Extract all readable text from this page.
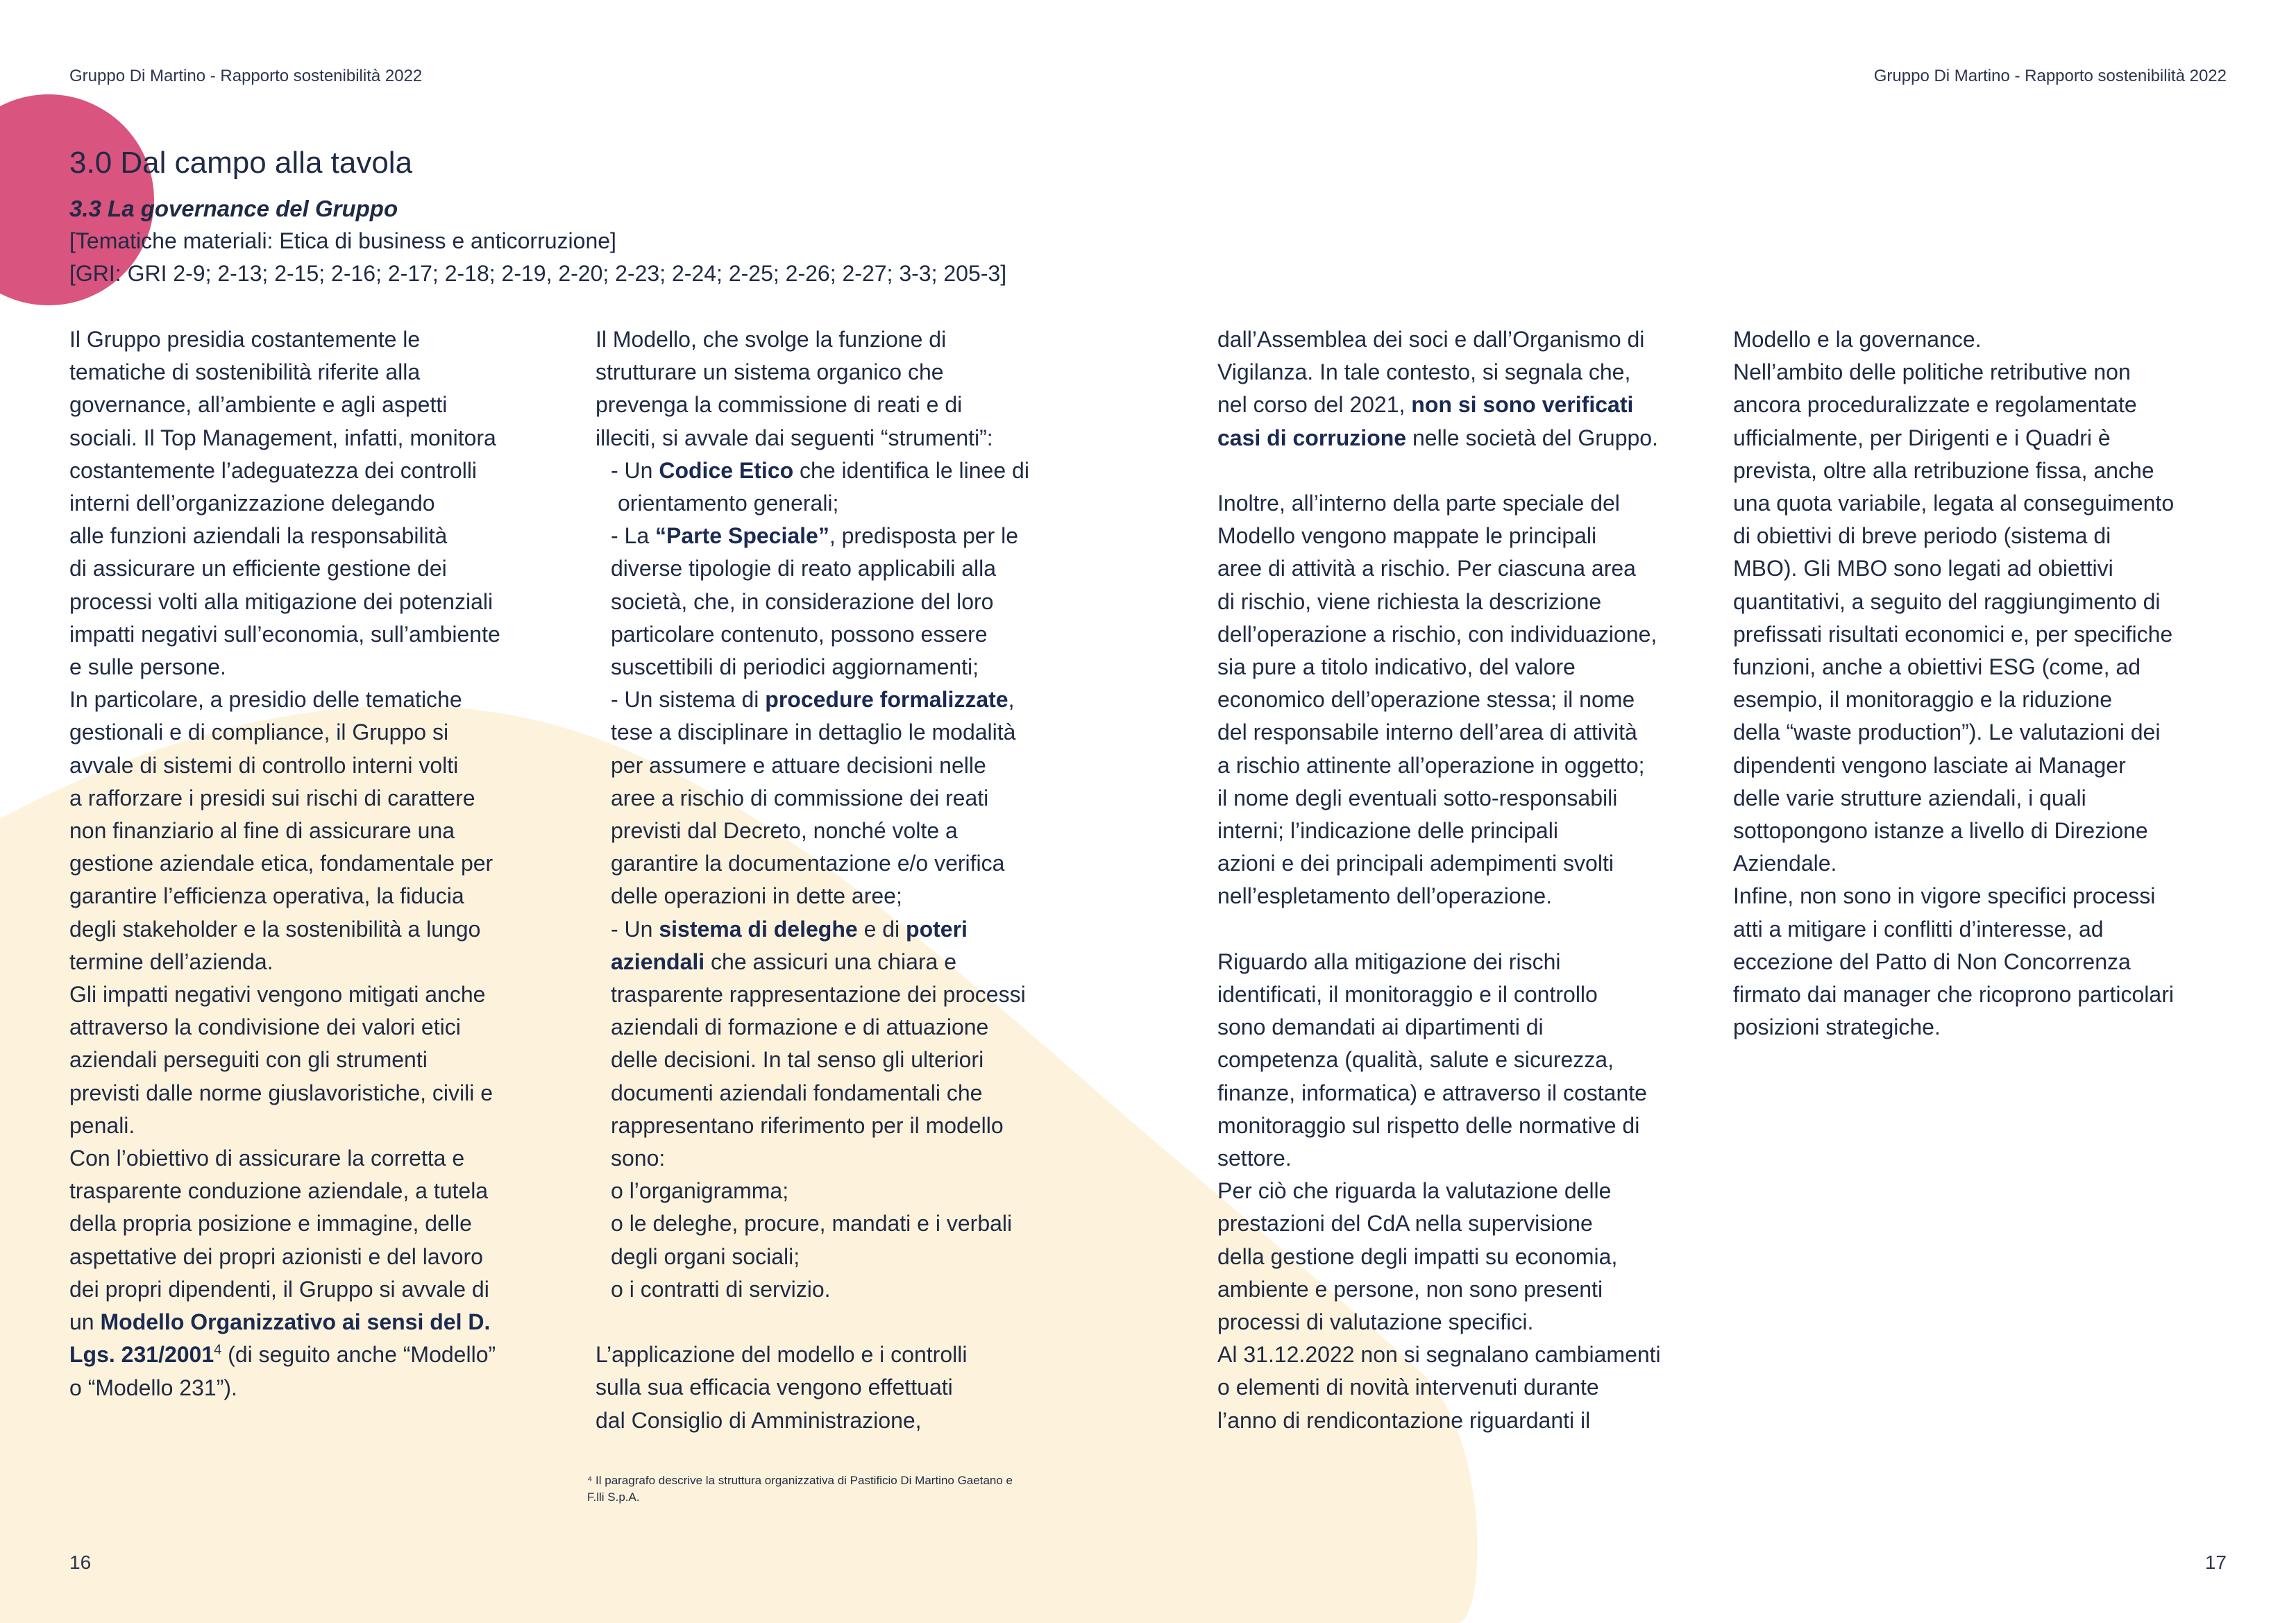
Gruppo Di Martino - Rapporto sostenibilità 2022	Gruppo Di Martino - Rapporto sostenibilità 2022
3.0 Dal campo alla tavola
3.3 La governance del Gruppo
[Tematiche materiali: Etica di business e anticorruzione]
[GRI: GRI 2-9; 2-13; 2-15; 2-16; 2-17; 2-18; 2-19, 2-20; 2-23; 2-24; 2-25; 2-26; 2-27; 3-3; 205-3]

Il Gruppo presidia costantemente le

tematiche di sostenibilità riferite alla

governance, all’ambiente e agli aspetti

sociali. Il Top Management, infatti, monitora

costantemente l’adeguatezza dei controlli

interni dell’organizzazione delegando

alle funzioni aziendali la responsabilità

di assicurare un efficiente gestione dei

processi volti alla mitigazione dei potenziali

impatti negativi sull’economia, sull’ambiente

e sulle persone.

In particolare, a presidio delle tematiche

gestionali e di compliance, il Gruppo si

avvale di sistemi di controllo interni volti

a rafforzare i presidi sui rischi di carattere

non finanziario al fine di assicurare una

gestione aziendale etica, fondamentale per

garantire l’efficienza operativa, la fiducia

degli stakeholder e la sostenibilità a lungo

termine dell’azienda.

Gli impatti negativi vengono mitigati anche

attraverso la condivisione dei valori etici

aziendali perseguiti con gli strumenti

previsti dalle norme giuslavoristiche, civili e

penali.

Con l’obiettivo di assicurare la corretta e

trasparente conduzione aziendale, a tutela

della propria posizione e immagine, delle

aspettative dei propri azionisti e del lavoro

dei propri dipendenti, il Gruppo si avvale di

un Modello Organizzativo ai sensi del D.

Lgs. 231/2001$^4$ (di seguito anche “Modello”

o “Modello 231”).

Il Modello, che svolge la funzione di

strutturare un sistema organico che

prevenga la commissione di reati e di

illeciti, si avvale dai seguenti “strumenti”:

- Un Codice Etico che identifica le linee di

orientamento generali;

- La “Parte Speciale”, predisposta per le

diverse tipologie di reato applicabili alla

società, che, in considerazione del loro

particolare contenuto, possono essere

suscettibili di periodici aggiornamenti;

- Un sistema di procedure formalizzate,

tese a disciplinare in dettaglio le modalità

per assumere e attuare decisioni nelle

aree a rischio di commissione dei reati

previsti dal Decreto, nonché volte a

garantire la documentazione e/o verifica

delle operazioni in dette aree;

- Un sistema di deleghe e di poteri

aziendali che assicuri una chiara e

trasparente rappresentazione dei processi

aziendali di formazione e di attuazione

delle decisioni. In tal senso gli ulteriori

documenti aziendali fondamentali che

rappresentano riferimento per il modello

sono:

o l’organigramma;

o le deleghe, procure, mandati e i verbali

degli organi sociali;

o i contratti di servizio.

L’applicazione del modello e i controlli

sulla sua efficacia vengono effettuati

dal Consiglio di Amministrazione,

⁴ Il paragrafo descrive la struttura organizzativa di Pastificio Di Martino Gaetano e
F.lli S.p.A.

dall’Assemblea dei soci e dall’Organismo di

Vigilanza. In tale contesto, si segnala che,

nel corso del 2021, non si sono verificati

casi di corruzione nelle società del Gruppo.

Inoltre, all’interno della parte speciale del

Modello vengono mappate le principali

aree di attività a rischio. Per ciascuna area

di rischio, viene richiesta la descrizione

dell’operazione a rischio, con individuazione,

sia pure a titolo indicativo, del valore

economico dell’operazione stessa; il nome

del responsabile interno dell’area di attività

a rischio attinente all’operazione in oggetto;

il nome degli eventuali sotto-responsabili

interni; l’indicazione delle principali

azioni e dei principali adempimenti svolti

nell’espletamento dell’operazione.

Riguardo alla mitigazione dei rischi

identificati, il monitoraggio e il controllo

sono demandati ai dipartimenti di

competenza (qualità, salute e sicurezza,

finanze, informatica) e attraverso il costante

monitoraggio sul rispetto delle normative di

settore.

Per ciò che riguarda la valutazione delle

prestazioni del CdA nella supervisione

della gestione degli impatti su economia,

ambiente e persone, non sono presenti

processi di valutazione specifici.

Al 31.12.2022 non si segnalano cambiamenti

o elementi di novità intervenuti durante

l’anno di rendicontazione riguardanti il

Modello e la governance.

Nell’ambito delle politiche retributive non

ancora proceduralizzate e regolamentate

ufficialmente, per Dirigenti e i Quadri è

prevista, oltre alla retribuzione fissa, anche

una quota variabile, legata al conseguimento

di obiettivi di breve periodo (sistema di

MBO). Gli MBO sono legati ad obiettivi

quantitativi, a seguito del raggiungimento di

prefissati risultati economici e, per specifiche

funzioni, anche a obiettivi ESG (come, ad

esempio, il monitoraggio e la riduzione

della “waste production”). Le valutazioni dei

dipendenti vengono lasciate ai Manager

delle varie strutture aziendali, i quali

sottopongono istanze a livello di Direzione

Aziendale.

Infine, non sono in vigore specifici processi

atti a mitigare i conflitti d’interesse, ad

eccezione del Patto di Non Concorrenza

firmato dai manager che ricoprono particolari

posizioni strategiche.

16	17
